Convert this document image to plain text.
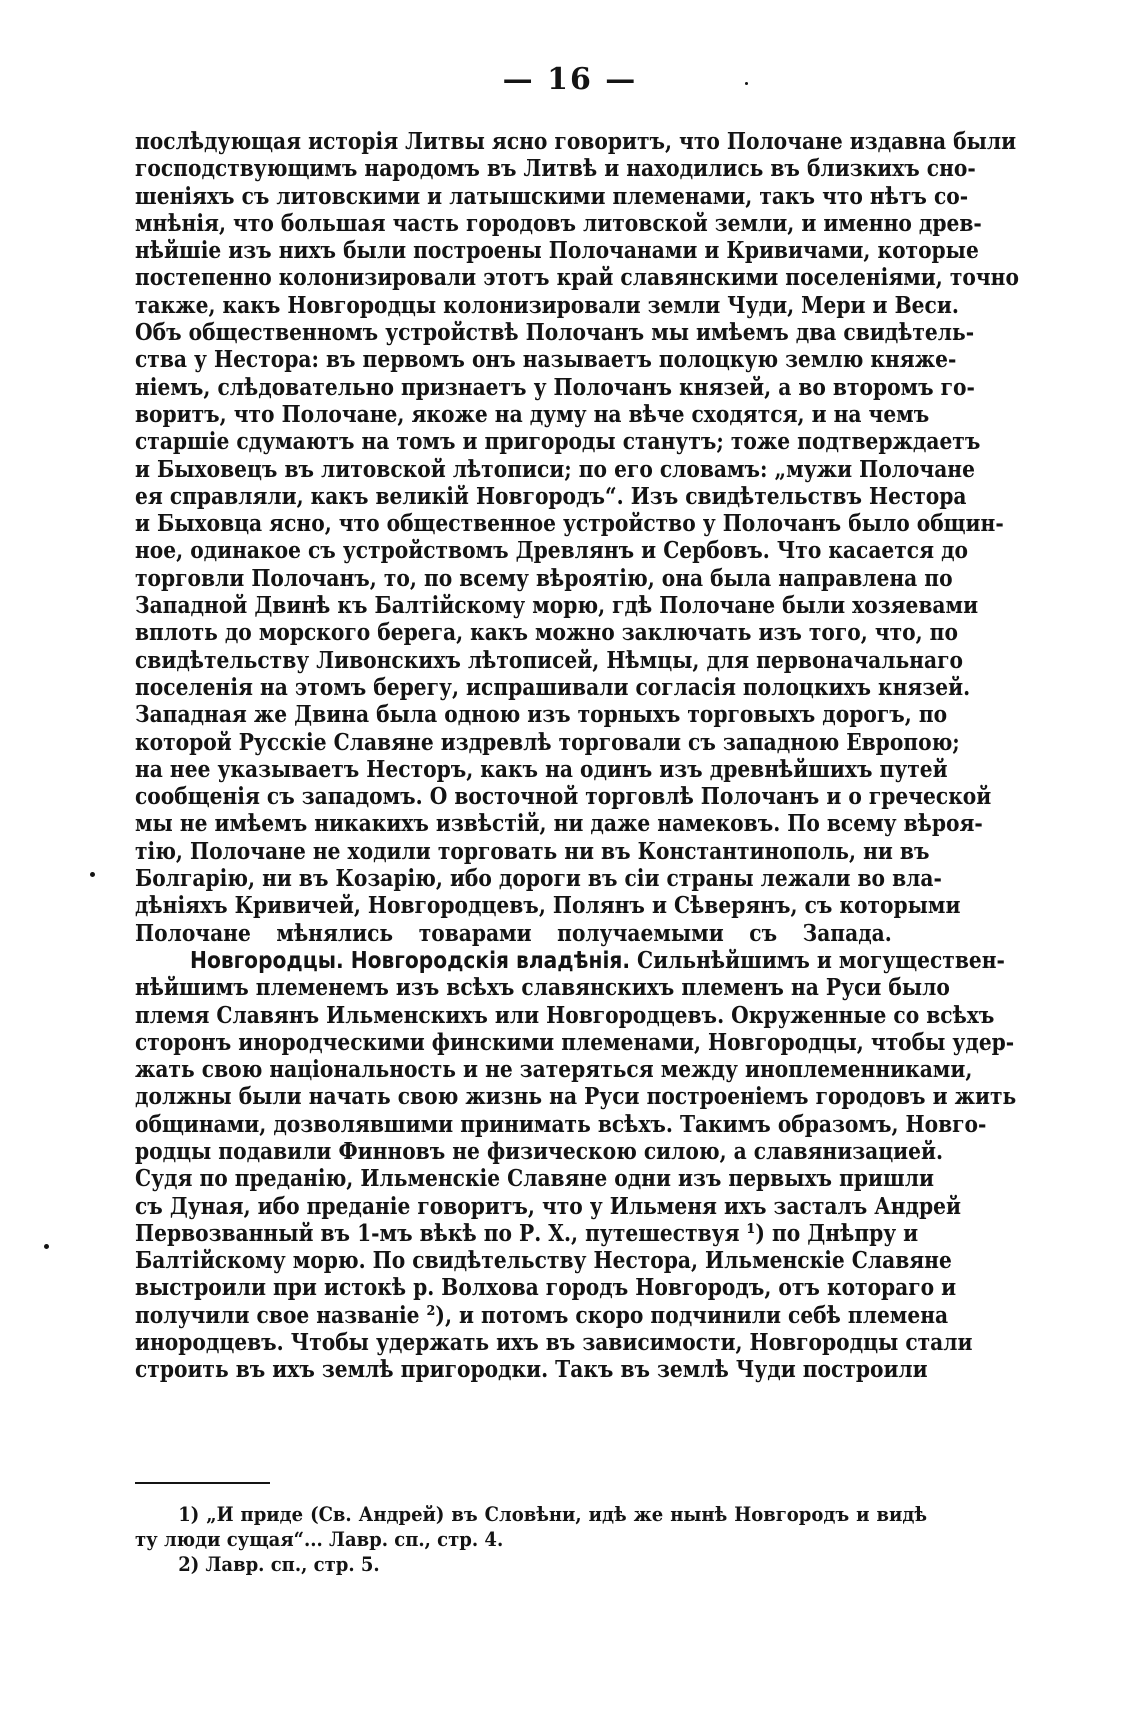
— 16 —
послѣдующая исторія Литвы ясно говоритъ, что Полочане издавна были
господствующимъ народомъ въ Литвѣ и находились въ близкихъ сно-
шеніяхъ съ литовскими и латышскими племенами, такъ что нѣтъ со-
мнѣнія, что большая часть городовъ литовской земли, и именно древ-
нѣйшіе изъ нихъ были построены Полочанами и Кривичами, которые
постепенно колонизировали этотъ край славянскими поселеніями, точно
также, какъ Новгородцы колонизировали земли Чуди, Мери и Веси.
Объ общественномъ устройствѣ Полочанъ мы имѣемъ два свидѣтель-
ства у Нестора: въ первомъ онъ называетъ полоцкую землю княже-
ніемъ, слѣдовательно признаетъ у Полочанъ князей, а во второмъ го-
воритъ, что Полочане, якоже на думу на вѣче сходятся, и на чемъ
старшіе сдумаютъ на томъ и пригороды станутъ; тоже подтверждаетъ
и Быховецъ въ литовской лѣтописи; по его словамъ: „мужи Полочане
ея справляли, какъ великій Новгородъ“. Изъ свидѣтельствъ Нестора
и Быховца ясно, что общественное устройство у Полочанъ было общин-
ное, одинакое съ устройствомъ Древлянъ и Сербовъ. Что касается до
торговли Полочанъ, то, по всему вѣроятію, она была направлена по
Западной Двинѣ къ Балтійскому морю, гдѣ Полочане были хозяевами
вплоть до морского берега, какъ можно заключать изъ того, что, по
свидѣтельству Ливонскихъ лѣтописей, Нѣмцы, для первоначальнаго
поселенія на этомъ берегу, испрашивали согласія полоцкихъ князей.
Западная же Двина была одною изъ торныхъ торговыхъ дорогъ, по
которой Русскіе Славяне издревлѣ торговали съ западною Европою;
на нее указываетъ Несторъ, какъ на одинъ изъ древнѣйшихъ путей
сообщенія съ западомъ. О восточной торговлѣ Полочанъ и о греческой
мы не имѣемъ никакихъ извѣстій, ни даже намековъ. По всему вѣроя-
тію, Полочане не ходили торговать ни въ Константинополь, ни въ
Болгарію, ни въ Козарію, ибо дороги въ сіи страны лежали во вла-
дѣніяхъ Кривичей, Новгородцевъ, Полянъ и Сѣверянъ, съ которыми
Полочане мѣнялись товарами получаемыми съ Запада.
Новгородцы. Новгородскія владѣнія. Сильнѣйшимъ и могуществен-
нѣйшимъ племенемъ изъ всѣхъ славянскихъ племенъ на Руси было
племя Славянъ Ильменскихъ или Новгородцевъ. Окруженные со всѣхъ
сторонъ инородческими финскими племенами, Новгородцы, чтобы удер-
жать свою національность и не затеряться между иноплеменниками,
должны были начать свою жизнь на Руси построеніемъ городовъ и жить
общинами, дозволявшими принимать всѣхъ. Такимъ образомъ, Новго-
родцы подавили Финновъ не физическою силою, а славянизацией.
Судя по преданію, Ильменскіе Славяне одни изъ первыхъ пришли
съ Дуная, ибо преданіе говоритъ, что у Ильменя ихъ засталъ Андрей
Первозванный въ 1-мъ вѣкѣ по Р. Х., путешествуя ¹) по Днѣпру и
Балтійскому морю. По свидѣтельству Нестора, Ильменскіе Славяне
выстроили при истокѣ р. Волхова городъ Новгородъ, отъ котораго и
получили свое названіе ²), и потомъ скоро подчинили себѣ племена
инородцевъ. Чтобы удержать ихъ въ зависимости, Новгородцы стали
строить въ ихъ землѣ пригородки. Такъ въ землѣ Чуди построили
1) „И приде (Св. Андрей) въ Словѣни, идѣ же нынѣ Новгородъ и видѣ
ту люди сущая“... Лавр. сп., стр. 4.
2) Лавр. сп., стр. 5.
